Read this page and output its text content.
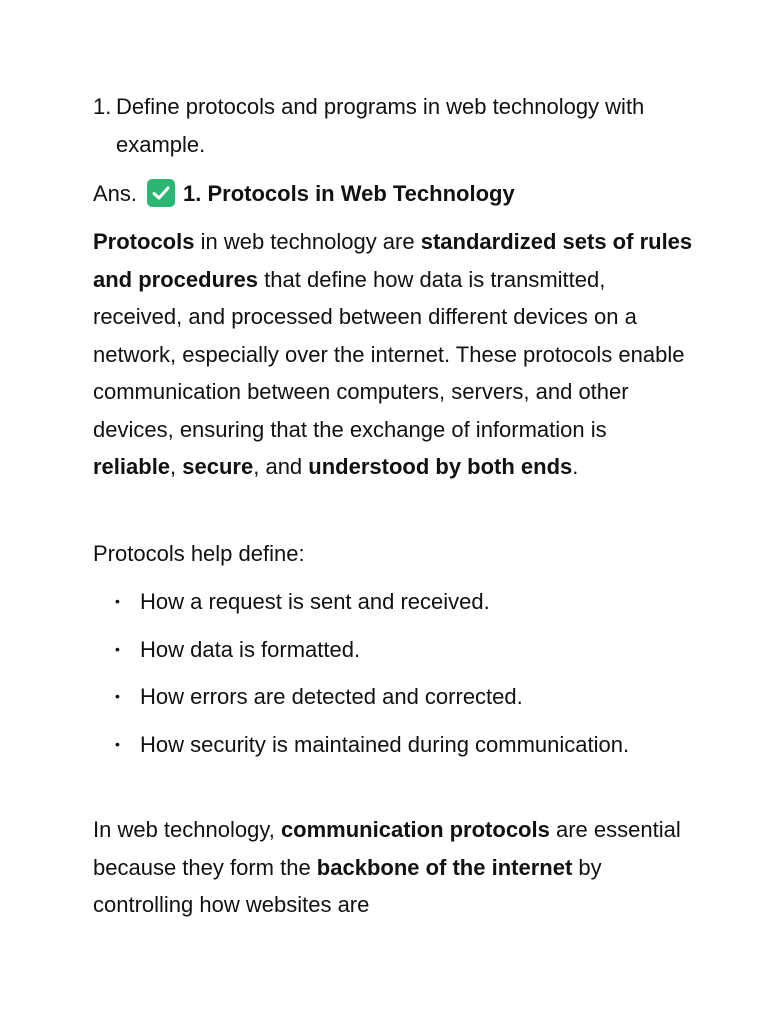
1. Define protocols and programs in web technology with example.
Ans. 1. Protocols in Web Technology

Protocols in web technology are standardized sets of rules and procedures that define how data is transmitted, received, and processed between different devices on a network, especially over the internet. These protocols enable communication between computers, servers, and other devices, ensuring that the exchange of information is reliable, secure, and understood by both ends.

Protocols help define:

• How a request is sent and received.
• How data is formatted.
• How errors are detected and corrected.
• How security is maintained during communication.

In web technology, communication protocols are essential because they form the backbone of the internet by controlling how websites are
